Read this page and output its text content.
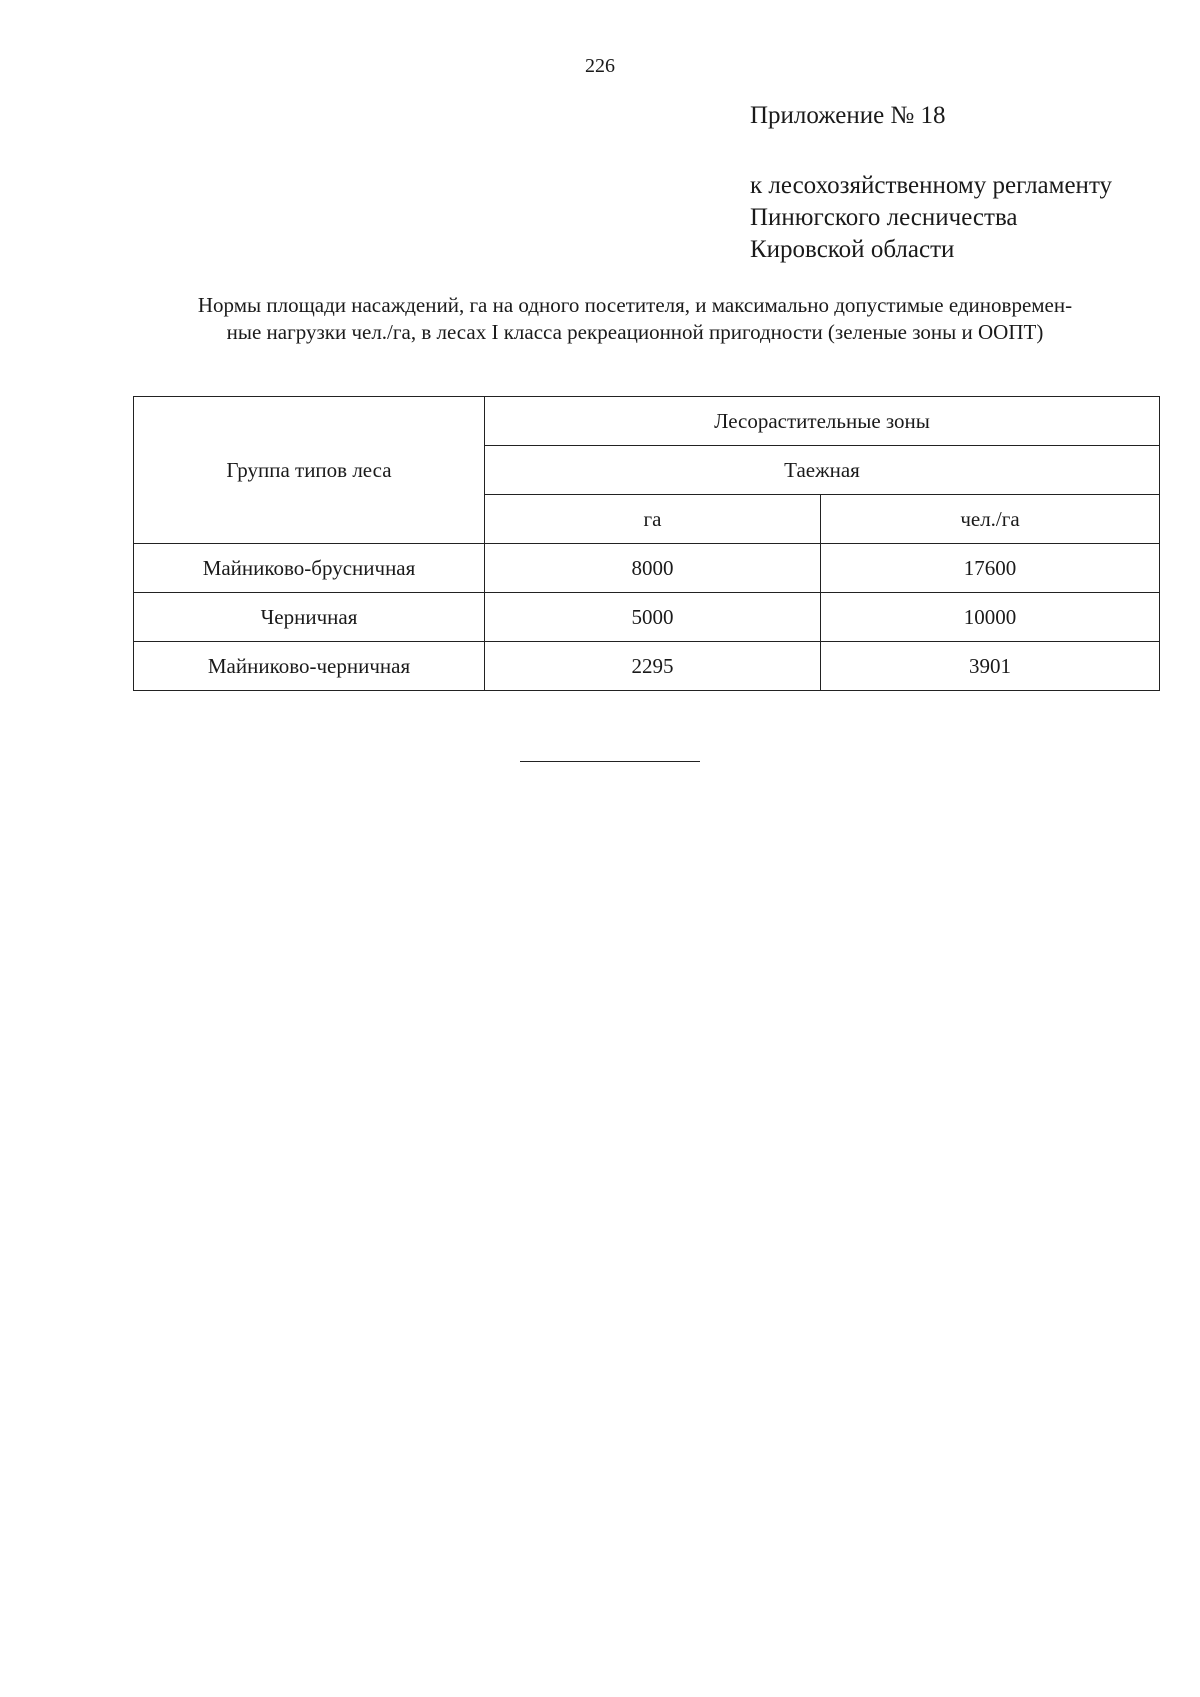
226
Приложение № 18
к лесохозяйственному регламенту
Пинюгского лесничества
Кировской области
Нормы площади насаждений, га на одного посетителя, и максимально допустимые единовремен-
ные нагрузки чел./га, в лесах I класса рекреационной пригодности (зеленые зоны и ООПТ)
Группа типов леса	Лесорастительные зоны	
	Таежная	
	га	чел./га
Майниково-брусничная	8000	17600
Черничная	5000	10000
Майниково-черничная	2295	3901
